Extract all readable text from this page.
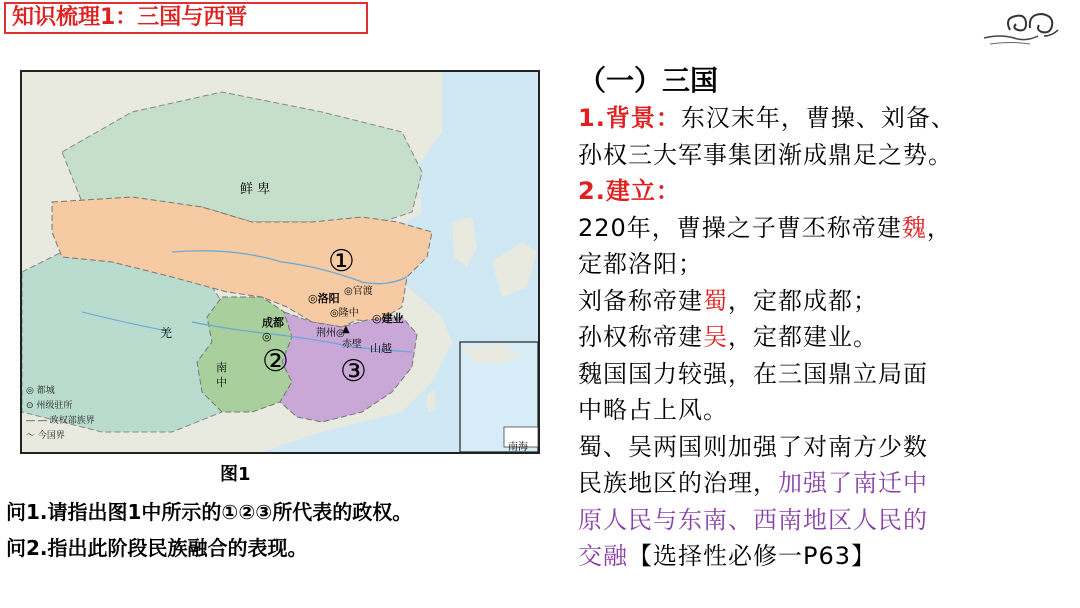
知识梳理1：三国与西晋
鲜 卑
羌
南
中
山越
南海
①
② ③
◎洛阳
◎官渡
◎隆中
荆州◎
▲
赤壁
成都
◎
◎建业
◎ 都城
⊙ 州级驻所
― ― 政权部族界
～ 今国界
图1
问1.请指出图1中所示的①②③所代表的政权。
问2.指出此阶段民族融合的表现。
（一）三国
1.背景：东汉末年，曹操、刘备、
孙权三大军事集团渐成鼎足之势。
2.建立：
220年，曹操之子曹丕称帝建魏，
定都洛阳；
刘备称帝建蜀，定都成都；
孙权称帝建吴，定都建业。
魏国国力较强，在三国鼎立局面
中略占上风。
蜀、吴两国则加强了对南方少数
民族地区的治理，加强了南迁中
原人民与东南、西南地区人民的
交融【选择性必修一P63】
